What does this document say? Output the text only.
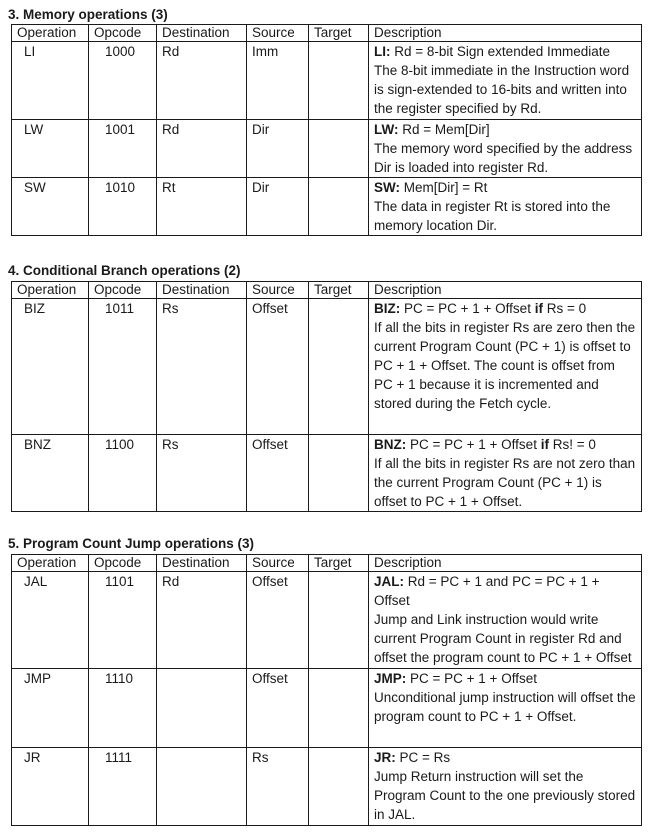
3. Memory operations (3)
Operation	Opcode	Destination	Source	Target	Description
LI	1000	Rd	Imm		LI: Rd = 8-bit Sign extended Immediate
The 8-bit immediate in the Instruction word is sign-extended to 16-bits and written into the register specified by Rd.
LW	1001	Rd	Dir		LW: Rd = Mem[Dir]
The memory word specified by the address Dir is loaded into register Rd.
SW	1010	Rt	Dir		SW: Mem[Dir] = Rt
The data in register Rt is stored into the memory location Dir.
4. Conditional Branch operations (2)
Operation	Opcode	Destination	Source	Target	Description
BIZ	1011	Rs	Offset		BIZ: PC = PC + 1 + Offset if Rs = 0
If all the bits in register Rs are zero then the current Program Count (PC + 1) is offset to PC + 1 + Offset. The count is offset from PC + 1 because it is incremented and stored during the Fetch cycle.
BNZ	1100	Rs	Offset		BNZ: PC = PC + 1 + Offset if Rs! = 0
If all the bits in register Rs are not zero than the current Program Count (PC + 1) is offset to PC + 1 + Offset.
5. Program Count Jump operations (3)
Operation	Opcode	Destination	Source	Target	Description
JAL	1101	Rd	Offset		JAL: Rd = PC + 1 and PC = PC + 1 + Offset
Jump and Link instruction would write current Program Count in register Rd and offset the program count to PC + 1 + Offset
JMP	1110		Offset		JMP: PC = PC + 1 + Offset
Unconditional jump instruction will offset the program count to PC + 1 + Offset.
JR	1111		Rs		JR: PC = Rs
Jump Return instruction will set the Program Count to the one previously stored in JAL.
